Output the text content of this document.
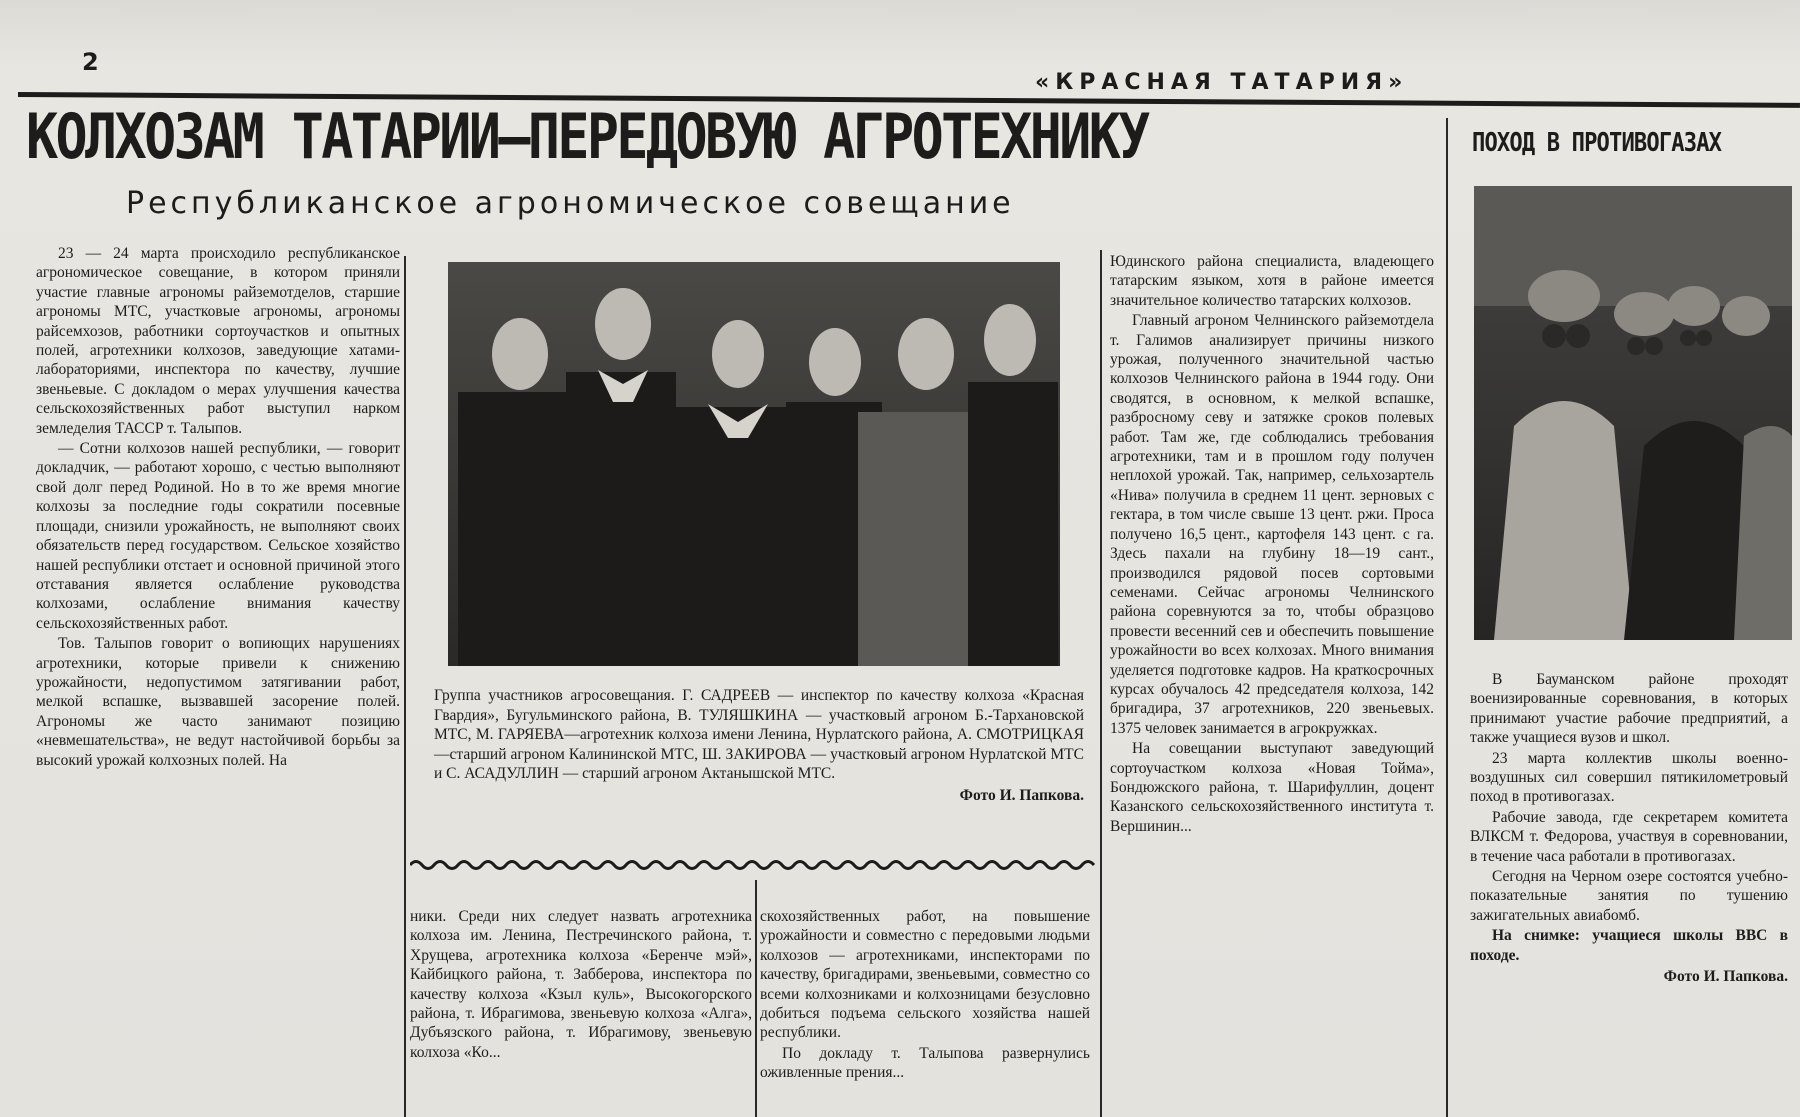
2
«КРАСНАЯ ТАТАРИЯ»
КОЛХОЗАМ ТАТАРИИ—ПЕРЕДОВУЮ АГРОТЕХНИКУ
Республиканское агрономическое совещание

23 — 24 марта происходило республиканское агрономическое совещание, в котором приняли участие главные агрономы райземотделов, старшие агрономы МТС, участковые агрономы, агрономы райсемхозов, работники сортоучастков и опытных полей, агротехники колхозов, заведующие хатами-лабораториями, инспектора по качеству, лучшие звеньевые. С докладом о мерах улучшения качества сельскохозяйственных работ выступил нарком земледелия ТАССР т. Талыпов.

— Сотни колхозов нашей республики, — говорит докладчик, — работают хорошо, с честью выполняют свой долг перед Родиной. Но в то же время многие колхозы за последние годы сократили посевные площади, снизили урожайность, не выполняют своих обязательств перед государством. Сельское хозяйство нашей республики отстает и основной причиной этого отставания является ослабление руководства колхозами, ослабление внимания качеству сельскохозяйственных работ.

Тов. Талыпов говорит о вопиющих нарушениях агротехники, которые привели к снижению урожайности, недопустимом затягивании работ, мелкой вспашке, вызвавшей засорение полей. Агрономы же часто занимают позицию «невмешательства», не ведут настойчивой борьбы за высокий урожай колхозных полей. На

Группа участников агросовещания. Г. САДРЕЕВ — инспектор по качеству колхоза «Красная Гвардия», Бугульминского района, В. ТУЛЯШКИНА — участковый агроном Б.-Тархановской МТС, М. ГАРЯЕВА—агротехник колхоза имени Ленина, Нурлатского района, А. СМОТРИЦКАЯ —старший агроном Калининской МТС, Ш. ЗАКИРОВА — участковый агроном Нурлатской МТС и С. АСАДУЛЛИН — старший агроном Актанышской МТС.
Фото И. Папкова.

ники. Среди них следует назвать агротехника колхоза им. Ленина, Пестречинского района, т. Хрущева, агротехника колхоза «Беренче мэй», Кайбицкого района, т. Забберова, инспектора по качеству колхоза «Кзыл куль», Высокогорского района, т. Ибрагимова, звеньевую колхоза «Алга», Дубъязского района, т. Ибрагимову, звеньевую колхоза «Ко...

скохозяйственных работ, на повышение урожайности и совместно с передовыми людьми колхозов — агротехниками, инспекторами по качеству, бригадирами, звеньевыми, совместно со всеми колхозниками и колхозницами безусловно добиться подъема сельского хозяйства нашей республики.

По докладу т. Талыпова развернулись оживленные прения...

Юдинского района специалиста, владеющего татарским языком, хотя в районе имеется значительное количество татарских колхозов.

Главный агроном Челнинского райземотдела т. Галимов анализирует причины низкого урожая, полученного значительной частью колхозов Челнинского района в 1944 году. Они сводятся, в основном, к мелкой вспашке, разбросному севу и затяжке сроков полевых работ. Там же, где соблюдались требования агротехники, там и в прошлом году получен неплохой урожай. Так, например, сельхозартель «Нива» получила в среднем 11 цент. зерновых с гектара, в том числе свыше 13 цент. ржи. Проса получено 16,5 цент., картофеля 143 цент. с га. Здесь пахали на глубину 18—19 сант., производился рядовой посев сортовыми семенами. Сейчас агрономы Челнинского района соревнуются за то, чтобы образцово провести весенний сев и обеспечить повышение урожайности во всех колхозах. Много внимания уделяется подготовке кадров. На краткосрочных курсах обучалось 42 председателя колхоза, 142 бригадира, 37 агротехников, 220 звеньевых. 1375 человек занимается в агрокружках.

На совещании выступают заведующий сортоучастком колхоза «Новая Тойма», Бондюжского района, т. Шарифуллин, доцент Казанского сельскохозяйственного института т. Вершинин...

ПОХОД В ПРОТИВОГАЗАХ

В Бауманском районе проходят военизированные соревнования, в которых принимают участие рабочие предприятий, а также учащиеся вузов и школ.

23 марта коллектив школы военно-воздушных сил совершил пятикилометровый поход в противогазах.

Рабочие завода, где секретарем комитета ВЛКСМ т. Федорова, участвуя в соревновании, в течение часа работали в противогазах.

Сегодня на Черном озере состоятся учебно-показательные занятия по тушению зажигательных авиабомб.

На снимке: учащиеся школы ВВС в походе.

Фото И. Папкова.
